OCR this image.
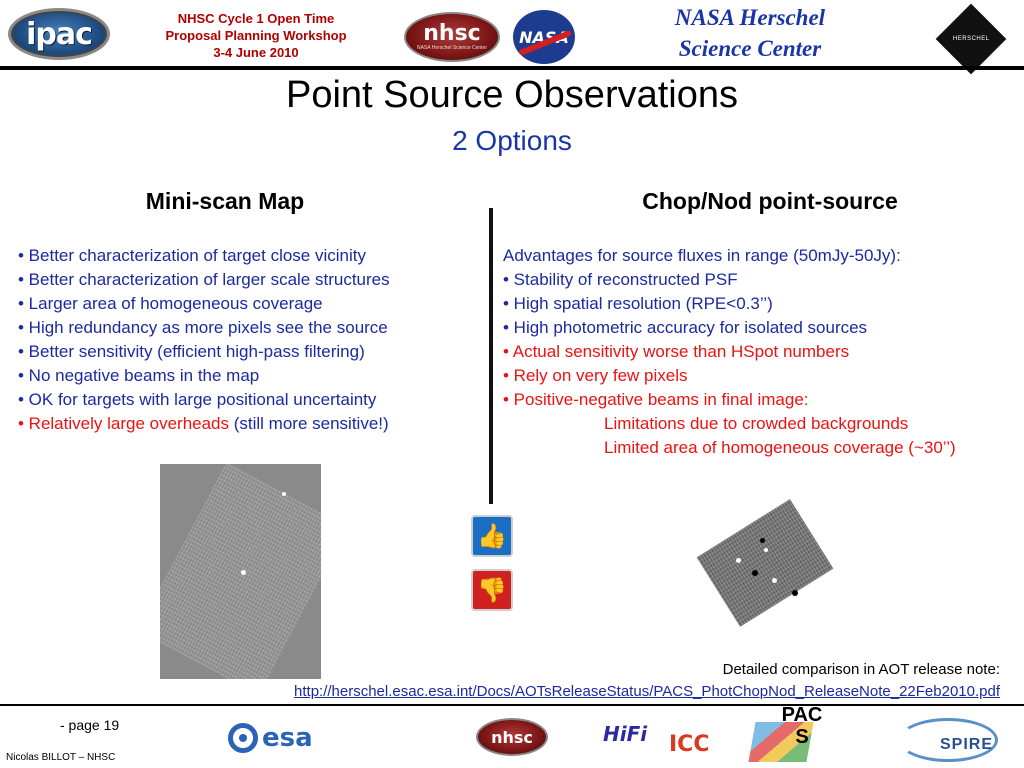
ipac	NHSC Cycle 1 Open Time
Proposal Planning Workshop
3-4 June 2010
nhsc
NASA Herschel Science Center
NASA
NASA Herschel
Science Center	HERSCHEL
Point Source Observations
2 Options
Mini-scan Map	Chop/Nod point-source
• Better characterization of target close vicinity
• Better characterization of larger scale structures
• Larger area of homogeneous coverage
• High redundancy as more pixels see the source
• Better sensitivity (efficient high-pass filtering)
• No negative beams in the map
• OK for targets with large positional uncertainty
• Relatively large overheads (still more sensitive!)
Advantages for source fluxes in range (50mJy-50Jy):
• Stability of reconstructed PSF
• High spatial resolution (RPE<0.3’’)
• High photometric accuracy for isolated sources
• Actual sensitivity worse than HSpot numbers
• Rely on very few pixels
• Positive-negative beams in final image:
Limitations due to crowded backgrounds
Limited area of homogeneous coverage (~30’’)
👍
👎
Detailed comparison in AOT release note:
http://herschel.esac.esa.int/Docs/AOTsReleaseStatus/PACS_PhotChopNod_ReleaseNote_22Feb2010.pdf
- page 19
Nicolas BILLOT – NHSC
esa	nhsc	HiFi ICC
PAC S	SPIRE
